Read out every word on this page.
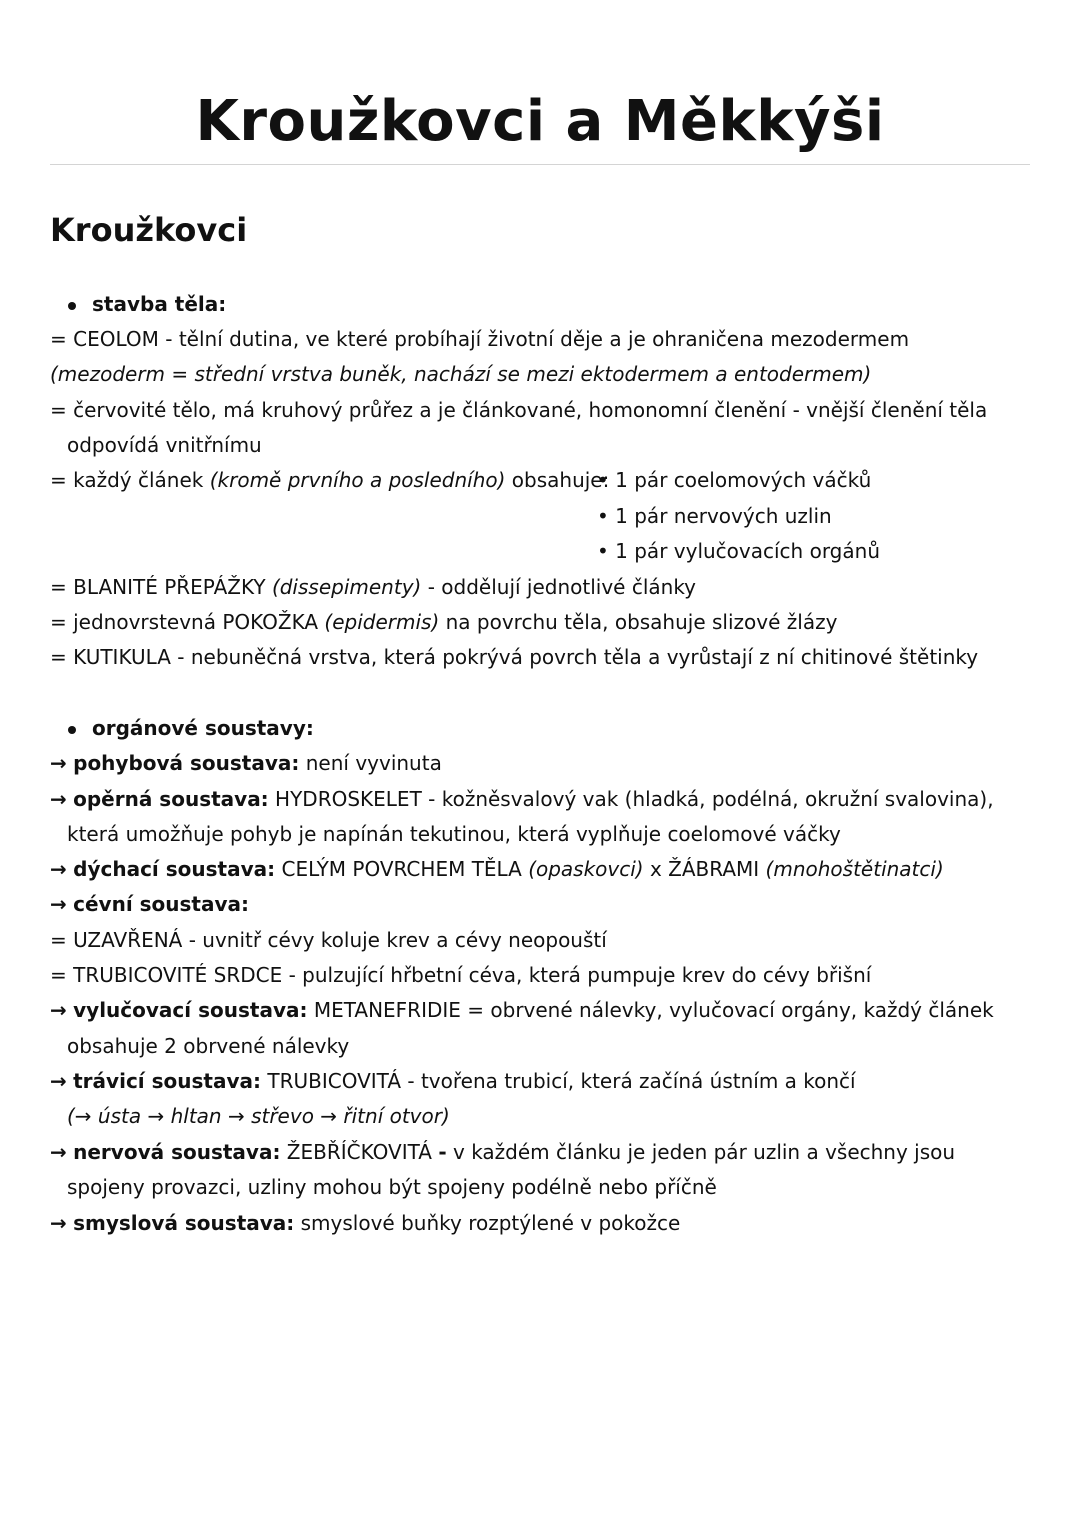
Kroužkovci a Měkkýši
Kroužkovci
stavba těla:
= CEOLOM - tělní dutina, ve které probíhají životní děje a je ohraničena mezodermem
(mezoderm = střední vrstva buněk, nachází se mezi ektodermem a entodermem)
= červovité tělo, má kruhový průřez a je článkované, homonomní členění - vnější členění těla
odpovídá vnitřnímu
= každý článek (kromě prvního a posledního) obsahuje:
• 1 pár coelomových váčků
• 1 pár nervových uzlin
• 1 pár vylučovacích orgánů
= BLANITÉ PŘEPÁŽKY (dissepimenty) - oddělují jednotlivé články
= jednovrstevná POKOŽKA (epidermis) na povrchu těla, obsahuje slizové žlázy
= KUTIKULA - nebuněčná vrstva, která pokrývá povrch těla a vyrůstají z ní chitinové štětinky
orgánové soustavy:
→ pohybová soustava: není vyvinuta
→ opěrná soustava: HYDROSKELET - kožněsvalový vak (hladká, podélná, okružní svalovina),
která umožňuje pohyb je napínán tekutinou, která vyplňuje coelomové váčky
→ dýchací soustava: CELÝM POVRCHEM TĚLA (opaskovci) x ŽÁBRAMI (mnohoštětinatci)
→ cévní soustava:
= UZAVŘENÁ - uvnitř cévy koluje krev a cévy neopouští
= TRUBICOVITÉ SRDCE - pulzující hřbetní céva, která pumpuje krev do cévy břišní
→ vylučovací soustava: METANEFRIDIE = obrvené nálevky, vylučovací orgány, každý článek
obsahuje 2 obrvené nálevky
→ trávicí soustava: TRUBICOVITÁ - tvořena trubicí, která začíná ústním a končí
(→ ústa → hltan → střevo → řitní otvor)
→ nervová soustava: ŽEBŘÍČKOVITÁ - v každém článku je jeden pár uzlin a všechny jsou
spojeny provazci, uzliny mohou být spojeny podélně nebo příčně
→ smyslová soustava: smyslové buňky rozptýlené v pokožce
